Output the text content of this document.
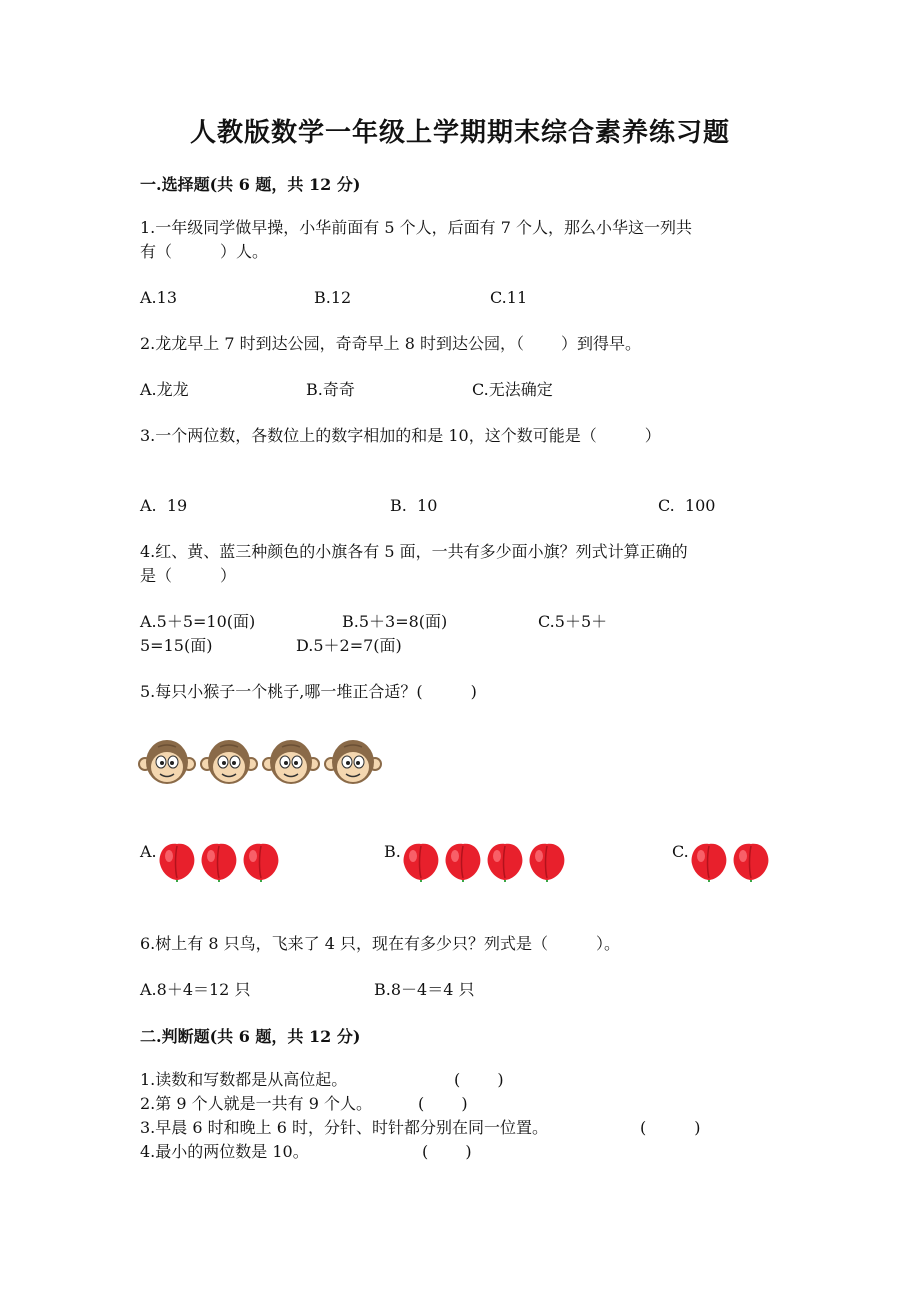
人教版数学一年级上学期期末综合素养练习题
一.选择题(共 6 题，共 12 分)
1.一年级同学做早操，小华前面有 5 个人，后面有 7 个人，那么小华这一列共
有（　　　）人。
A.13	B.12	C.11
2.龙龙早上 7 时到达公园，奇奇早上 8 时到达公园，（　　 ）到得早。
A.龙龙	B.奇奇	C.无法确定
3.一个两位数，各数位上的数字相加的和是 10，这个数可能是（　　　）
A.  19	B.  10	C.  100
4.红、黄、蓝三种颜色的小旗各有 5 面，一共有多少面小旗？列式计算正确的
是（　　　）
A.5＋5=10(面)	B.5＋3=8(面)	C.5＋5＋
5=15(面)	D.5＋2=7(面)
5.每只小猴子一个桃子,哪一堆正合适？(　　　)
A.	B.	C.
6.树上有 8 只鸟，飞来了 4 只，现在有多少只？列式是（　　　）。
A.8＋4＝12 只	B.8－4＝4 只
二.判断题(共 6 题，共 12 分)
1.读数和写数都是从高位起。	(　　 )
2.第 9 个人就是一共有 9 个人。	(　　 )
3.早晨 6 时和晚上 6 时，分针、时针都分别在同一位置。	(　　　)
4.最小的两位数是 10。	(　　 )
